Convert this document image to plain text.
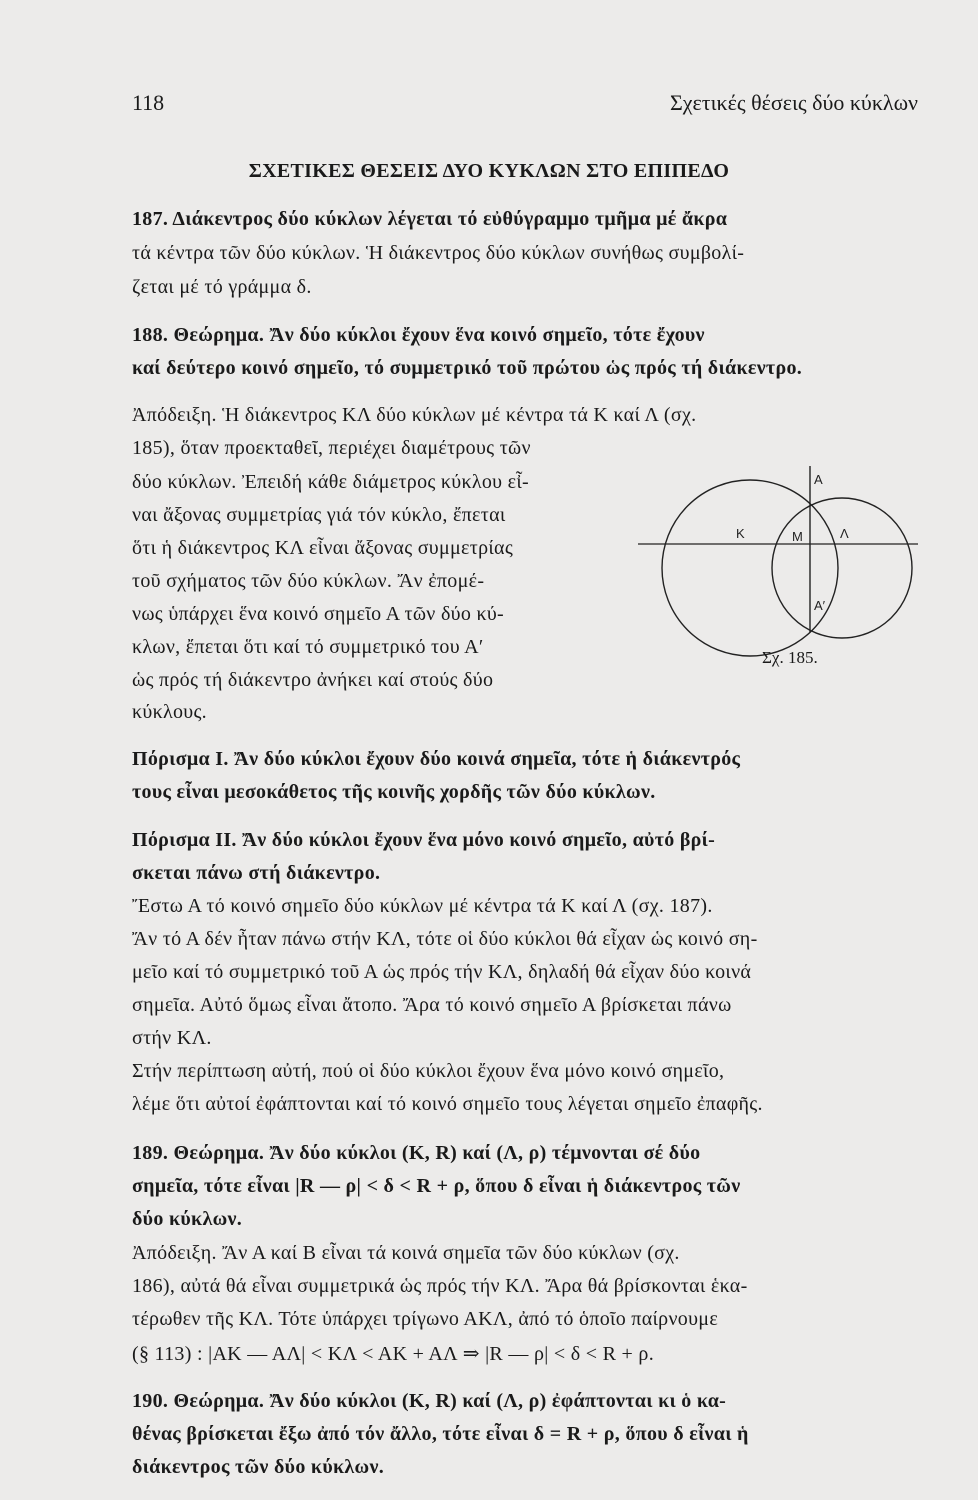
118	Σχετικές θέσεις δύο κύκλων
ΣΧΕΤΙΚΕΣ ΘΕΣΕΙΣ ΔΥΟ ΚΥΚΛΩΝ ΣΤΟ ΕΠΙΠΕΔΟ
187. Διάκεντρος δύο κύκλων λέγεται τό εὐθύγραμμο τμῆμα μέ ἄκρα
τά κέντρα τῶν δύο κύκλων. Ἡ διάκεντρος δύο κύκλων συνήθως συμβολί-
ζεται μέ τό γράμμα δ.
188. Θεώρημα. Ἄν δύο κύκλοι ἔχουν ἕνα κοινό σημεῖο, τότε ἔχουν
καί δεύτερο κοινό σημεῖο, τό συμμετρικό τοῦ πρώτου ὡς πρός τή διάκεντρο.
Ἀπόδειξη. Ἡ διάκεντρος ΚΛ δύο κύκλων μέ κέντρα τά Κ καί Λ (σχ.
185), ὅταν προεκταθεῖ, περιέχει διαμέτρους τῶν
δύο κύκλων. Ἐπειδή κάθε διάμετρος κύκλου εἶ-
ναι ἄξονας συμμετρίας γιά τόν κύκλο, ἔπεται
ὅτι ἡ διάκεντρος ΚΛ εἶναι ἄξονας συμμετρίας
τοῦ σχήματος τῶν δύο κύκλων. Ἄν ἐπομέ-
νως ὑπάρχει ἕνα κοινό σημεῖο Α τῶν δύο κύ-
κλων, ἔπεται ὅτι καί τό συμμετρικό του Α′
ὡς πρός τή διάκεντρο ἀνήκει καί στούς δύο
κύκλους.
Πόρισμα Ι. Ἄν δύο κύκλοι ἔχουν δύο κοινά σημεῖα, τότε ἡ διάκεντρός
τους εἶναι μεσοκάθετος τῆς κοινῆς χορδῆς τῶν δύο κύκλων.
Πόρισμα ΙΙ. Ἄν δύο κύκλοι ἔχουν ἕνα μόνο κοινό σημεῖο, αὐτό βρί-
σκεται πάνω στή διάκεντρο.
Ἔστω Α τό κοινό σημεῖο δύο κύκλων μέ κέντρα τά Κ καί Λ (σχ. 187).
Ἄν τό Α δέν ἦταν πάνω στήν ΚΛ, τότε οἱ δύο κύκλοι θά εἶχαν ὡς κοινό ση-
μεῖο καί τό συμμετρικό τοῦ Α ὡς πρός τήν ΚΛ, δηλαδή θά εἶχαν δύο κοινά
σημεῖα. Αὐτό ὅμως εἶναι ἄτοπο. Ἄρα τό κοινό σημεῖο Α βρίσκεται πάνω
στήν ΚΛ.
Στήν περίπτωση αὐτή, πού οἱ δύο κύκλοι ἔχουν ἕνα μόνο κοινό σημεῖο,
λέμε ὅτι αὐτοί ἐφάπτονται καί τό κοινό σημεῖο τους λέγεται σημεῖο ἐπαφῆς.
189. Θεώρημα. Ἄν δύο κύκλοι (Κ, R) καί (Λ, ρ) τέμνονται σέ δύο
σημεῖα, τότε εἶναι |R — ρ| < δ < R + ρ, ὅπου δ εἶναι ἡ διάκεντρος τῶν
δύο κύκλων.
Ἀπόδειξη. Ἄν Α καί Β εἶναι τά κοινά σημεῖα τῶν δύο κύκλων (σχ.
186), αὐτά θά εἶναι συμμετρικά ὡς πρός τήν ΚΛ. Ἄρα θά βρίσκονται ἑκα-
τέρωθεν τῆς ΚΛ. Τότε ὑπάρχει τρίγωνο ΑΚΛ, ἀπό τό ὁποῖο παίρνουμε
(§ 113) : |ΑΚ — ΑΛ| < ΚΛ < ΑΚ + ΑΛ ⇒ |R — ρ| < δ < R + ρ.
190. Θεώρημα. Ἄν δύο κύκλοι (Κ, R) καί (Λ, ρ) ἐφάπτονται κι ὁ κα-
θένας βρίσκεται ἔξω ἀπό τόν ἄλλο, τότε εἶναι δ = R + ρ, ὅπου δ εἶναι ἡ
διάκεντρος τῶν δύο κύκλων.
K	M	Λ
A
A′
Σχ. 185.
